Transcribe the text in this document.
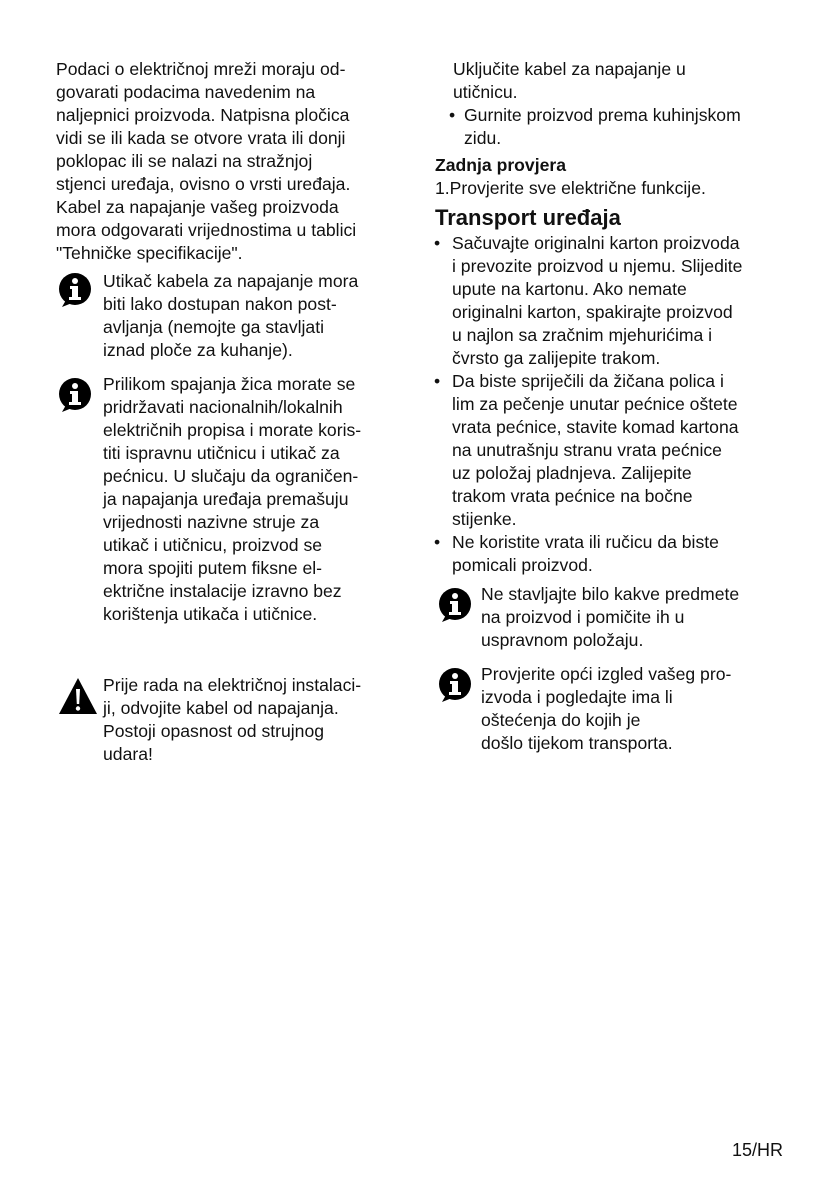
Podaci o električnoj mreži moraju od-
govarati podacima navedenim na
naljepnici proizvoda. Natpisna pločica
vidi se ili kada se otvore vrata ili donji
poklopac ili se nalazi na stražnjoj
stjenci uređaja, ovisno o vrsti uređaja.
Kabel za napajanje vašeg proizvoda
mora odgovarati vrijednostima u tablici
"Tehničke specifikacije".
Utikač kabela za napajanje mora
biti lako dostupan nakon post-
avljanja (nemojte ga stavljati
iznad ploče za kuhanje).
Prilikom spajanja žica morate se
pridržavati nacionalnih/lokalnih
električnih propisa i morate koris-
titi ispravnu utičnicu i utikač za
pećnicu. U slučaju da ograničen-
ja napajanja uređaja premašuju
vrijednosti nazivne struje za
utikač i utičnicu, proizvod se
mora spojiti putem fiksne el-
ektrične instalacije izravno bez
korištenja utikača i utičnice.
Prije rada na električnoj instalaci-
ji, odvojite kabel od napajanja.
Postoji opasnost od strujnog
udara!
Uključite kabel za napajanje u
utičnicu.
• Gurnite proizvod prema kuhinjskom
zidu.
Zadnja provjera
1.Provjerite sve električne funkcije.
Transport uređaja
• Sačuvajte originalni karton proizvoda
i prevozite proizvod u njemu. Slijedite
upute na kartonu. Ako nemate
originalni karton, spakirajte proizvod
u najlon sa zračnim mjehurićima i
čvrsto ga zalijepite trakom.
• Da biste spriječili da žičana polica i
lim za pečenje unutar pećnice oštete
vrata pećnice, stavite komad kartona
na unutrašnju stranu vrata pećnice
uz položaj pladnjeva. Zalijepite
trakom vrata pećnice na bočne
stijenke.
• Ne koristite vrata ili ručicu da biste
pomicali proizvod.
Ne stavljajte bilo kakve predmete
na proizvod i pomičite ih u
uspravnom položaju.
Provjerite opći izgled vašeg pro-
izvoda i pogledajte ima li
oštećenja do kojih je
došlo tijekom transporta.
15/HR
